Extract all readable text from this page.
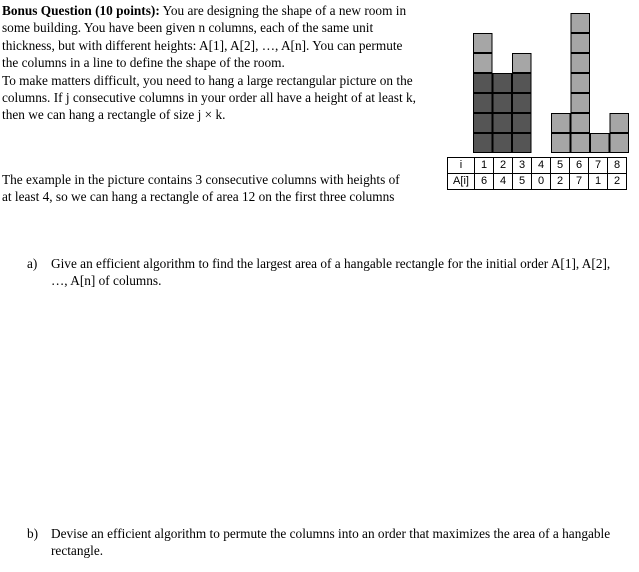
Bonus Question (10 points): You are designing the shape of a new room in some building. You have been given n columns, each of the same unit thickness, but with different heights: A[1], A[2], …, A[n]. You can permute the columns in a line to define the shape of the room.

To make matters difficult, you need to hang a large rectangular picture on the columns. If j consecutive columns in your order all have a height of at least k, then we can hang a rectangle of size j × k.

The example in the picture contains 3 consecutive columns with heights of at least 4, so we can hang a rectangle of area 12 on the first three columns

i	1	2	3	4	5	6	7	8
A[i]	6	4	5	0	2	7	1	2
a)	Give an efficient algorithm to find the largest area of a hangable rectangle for the initial order A[1], A[2], …, A[n] of columns.
b) Devise an efficient algorithm to permute the columns into an order that maximizes the area of a hangable rectangle.
